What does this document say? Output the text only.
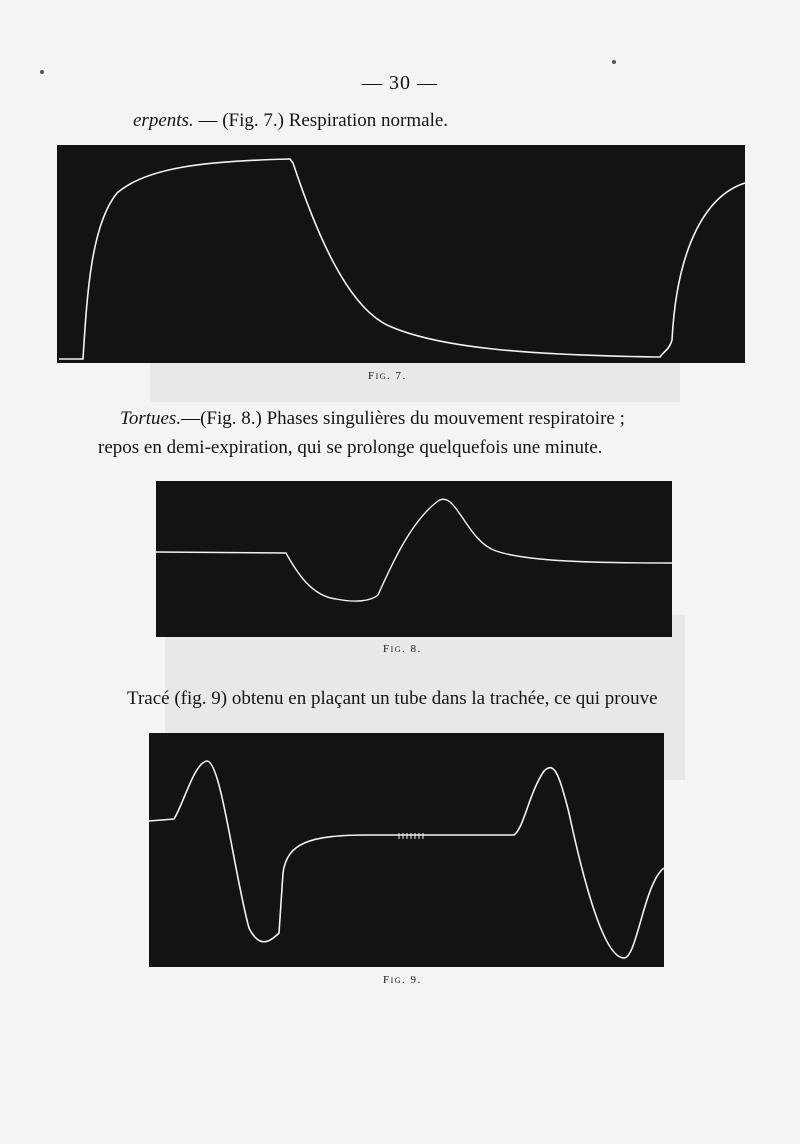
— 30 —
erpents. — (Fig. 7.) Respiration normale.
Fig. 7.
Tortues.—(Fig. 8.) Phases singulières du mouvement respiratoire ;
repos en demi-expiration, qui se prolonge quelquefois une minute.
Fig. 8.
Tracé (fig. 9) obtenu en plaçant un tube dans la trachée, ce qui prouve
Fig. 9.
